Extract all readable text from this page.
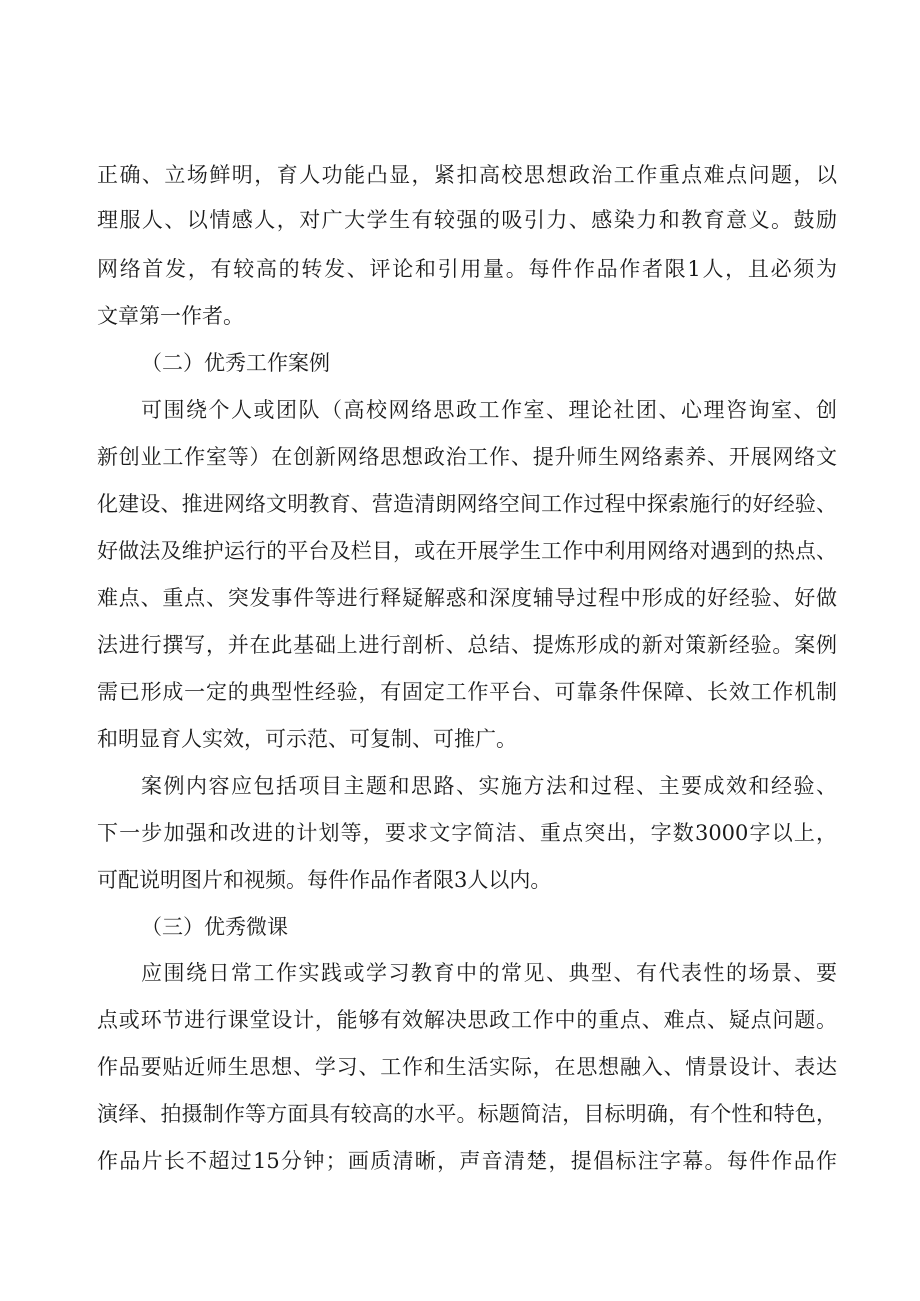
正确、立场鲜明，育人功能凸显，紧扣高校思想政治工作重点难点问题，以
理服人、以情感人，对广大学生有较强的吸引力、感染力和教育意义。鼓励
网络首发，有较高的转发、评论和引用量。每件作品作者限1人，且必须为
文章第一作者。
（二）优秀工作案例
可围绕个人或团队（高校网络思政工作室、理论社团、心理咨询室、创
新创业工作室等）在创新网络思想政治工作、提升师生网络素养、开展网络文
化建设、推进网络文明教育、营造清朗网络空间工作过程中探索施行的好经验、
好做法及维护运行的平台及栏目，或在开展学生工作中利用网络对遇到的热点、
难点、重点、突发事件等进行释疑解惑和深度辅导过程中形成的好经验、好做
法进行撰写，并在此基础上进行剖析、总结、提炼形成的新对策新经验。案例
需已形成一定的典型性经验，有固定工作平台、可靠条件保障、长效工作机制
和明显育人实效，可示范、可复制、可推广。
案例内容应包括项目主题和思路、实施方法和过程、主要成效和经验、
下一步加强和改进的计划等，要求文字简洁、重点突出，字数3000字以上，
可配说明图片和视频。每件作品作者限3人以内。
（三）优秀微课
应围绕日常工作实践或学习教育中的常见、典型、有代表性的场景、要
点或环节进行课堂设计，能够有效解决思政工作中的重点、难点、疑点问题。
作品要贴近师生思想、学习、工作和生活实际，在思想融入、情景设计、表达
演绎、拍摄制作等方面具有较高的水平。标题简洁，目标明确，有个性和特色，
作品片长不超过15分钟；画质清晰，声音清楚，提倡标注字幕。每件作品作
